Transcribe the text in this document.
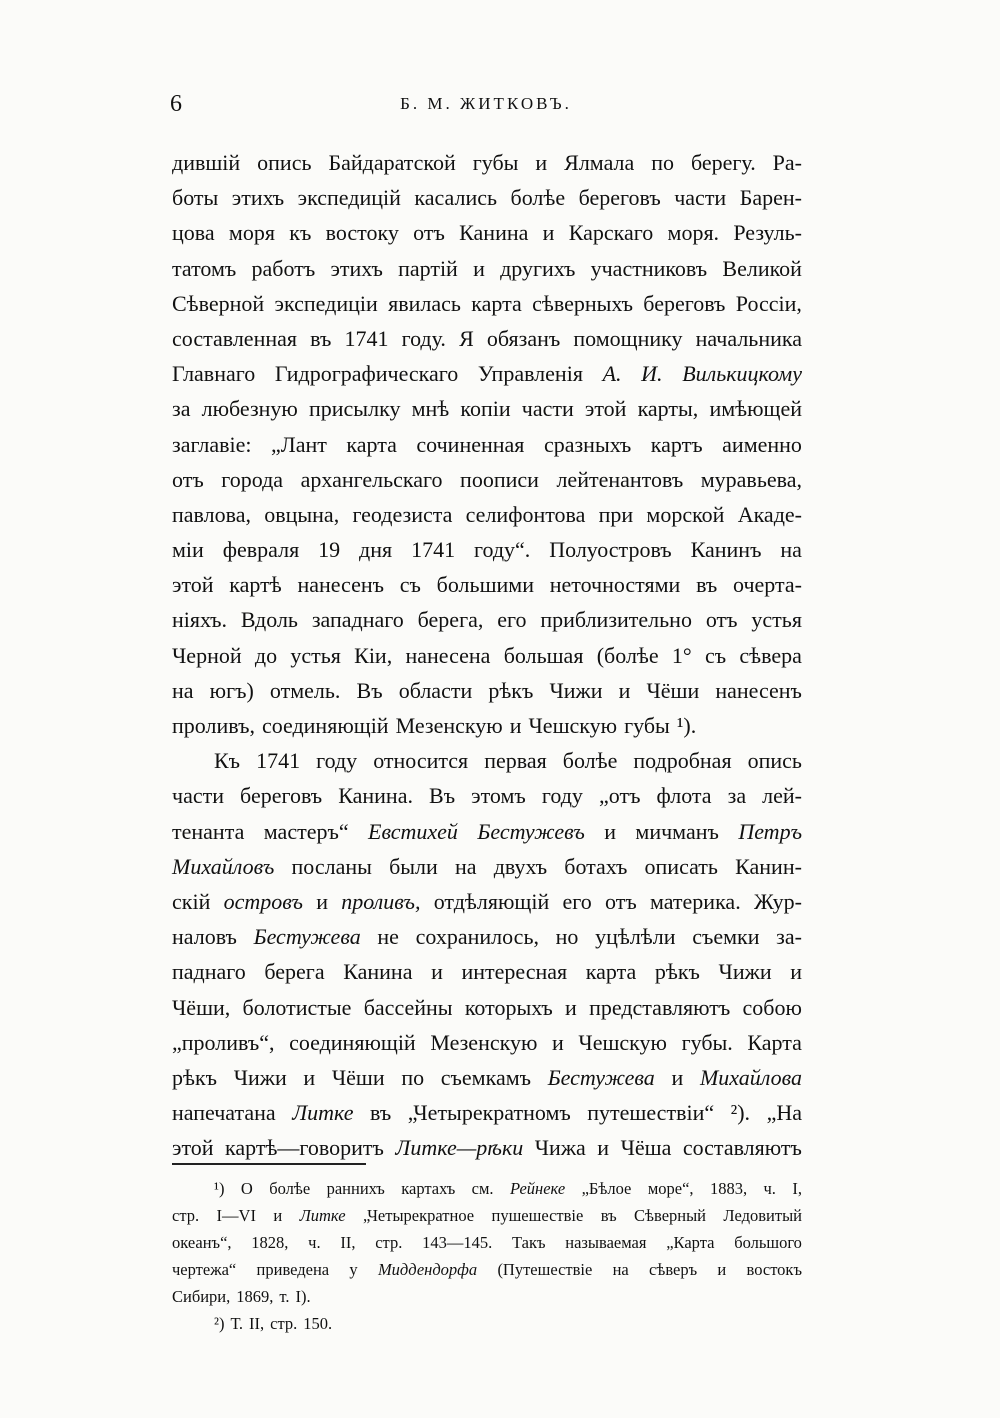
6	Б. М. ЖИТКОВЪ.
дившій опись Байдаратской губы и Ялмала по берегу. Ра-
боты этихъ экспедицій касались болѣе береговъ части Барен-
цова моря къ востоку отъ Канина и Карскаго моря. Резуль-
татомъ работъ этихъ партій и другихъ участниковъ Великой
Сѣверной экспедиціи явилась карта сѣверныхъ береговъ Россіи,
составленная въ 1741 году. Я обязанъ помощнику начальника
Главнаго Гидрографическаго Управленія А. И. Вилькицкому
за любезную присылку мнѣ копіи части этой карты, имѣющей
заглавіе: „Лант карта сочиненная сразныхъ картъ аименно
отъ города архангельскаго поописи лейтенантовъ муравьева,
павлова, овцына, геодезиста селифонтова при морской Акаде-
міи февраля 19 дня 1741 году“. Полуостровъ Канинъ на
этой картѣ нанесенъ съ большими неточностями въ очерта-
ніяхъ. Вдоль западнаго берега, его приблизительно отъ устья
Черной до устья Кіи, нанесена большая (болѣе 1° съ сѣвера
на югъ) отмель. Въ области рѣкъ Чижи и Чёши нанесенъ
проливъ, соединяющій Мезенскую и Чешскую губы ¹).
Къ 1741 году относится первая болѣе подробная опись
части береговъ Канина. Въ этомъ году „отъ флота за лей-
тенанта мастеръ“ Евстихей Бестужевъ и мичманъ Петръ
Михайловъ посланы были на двухъ ботахъ описать Канин-
скій островъ и проливъ, отдѣляющій его отъ материка. Жур-
наловъ Бестужева не сохранилось, но уцѣлѣли съемки за-
паднаго берега Канина и интересная карта рѣкъ Чижи и
Чёши, болотистые бассейны которыхъ и представляютъ собою
„проливъ“, соединяющій Мезенскую и Чешскую губы. Карта
рѣкъ Чижи и Чёши по съемкамъ Бестужева и Михайлова
напечатана Литке въ „Четырекратномъ путешествіи“ ²). „На
этой картѣ—говоритъ Литке—рѣки Чижа и Чёша составляютъ
¹) О болѣе раннихъ картахъ см. Рейнеке „Бѣлое море“, 1883, ч. I,
стр. I—VI и Литке „Четырекратное пушешествіе въ Сѣверный Ледовитый
океанъ“, 1828, ч. II, стр. 143—145. Такъ называемая „Карта большого
чертежа“ приведена у Миддендорфа (Путешествіе на сѣверъ и востокъ
Сибири, 1869, т. I).
²) Т. II, стр. 150.
